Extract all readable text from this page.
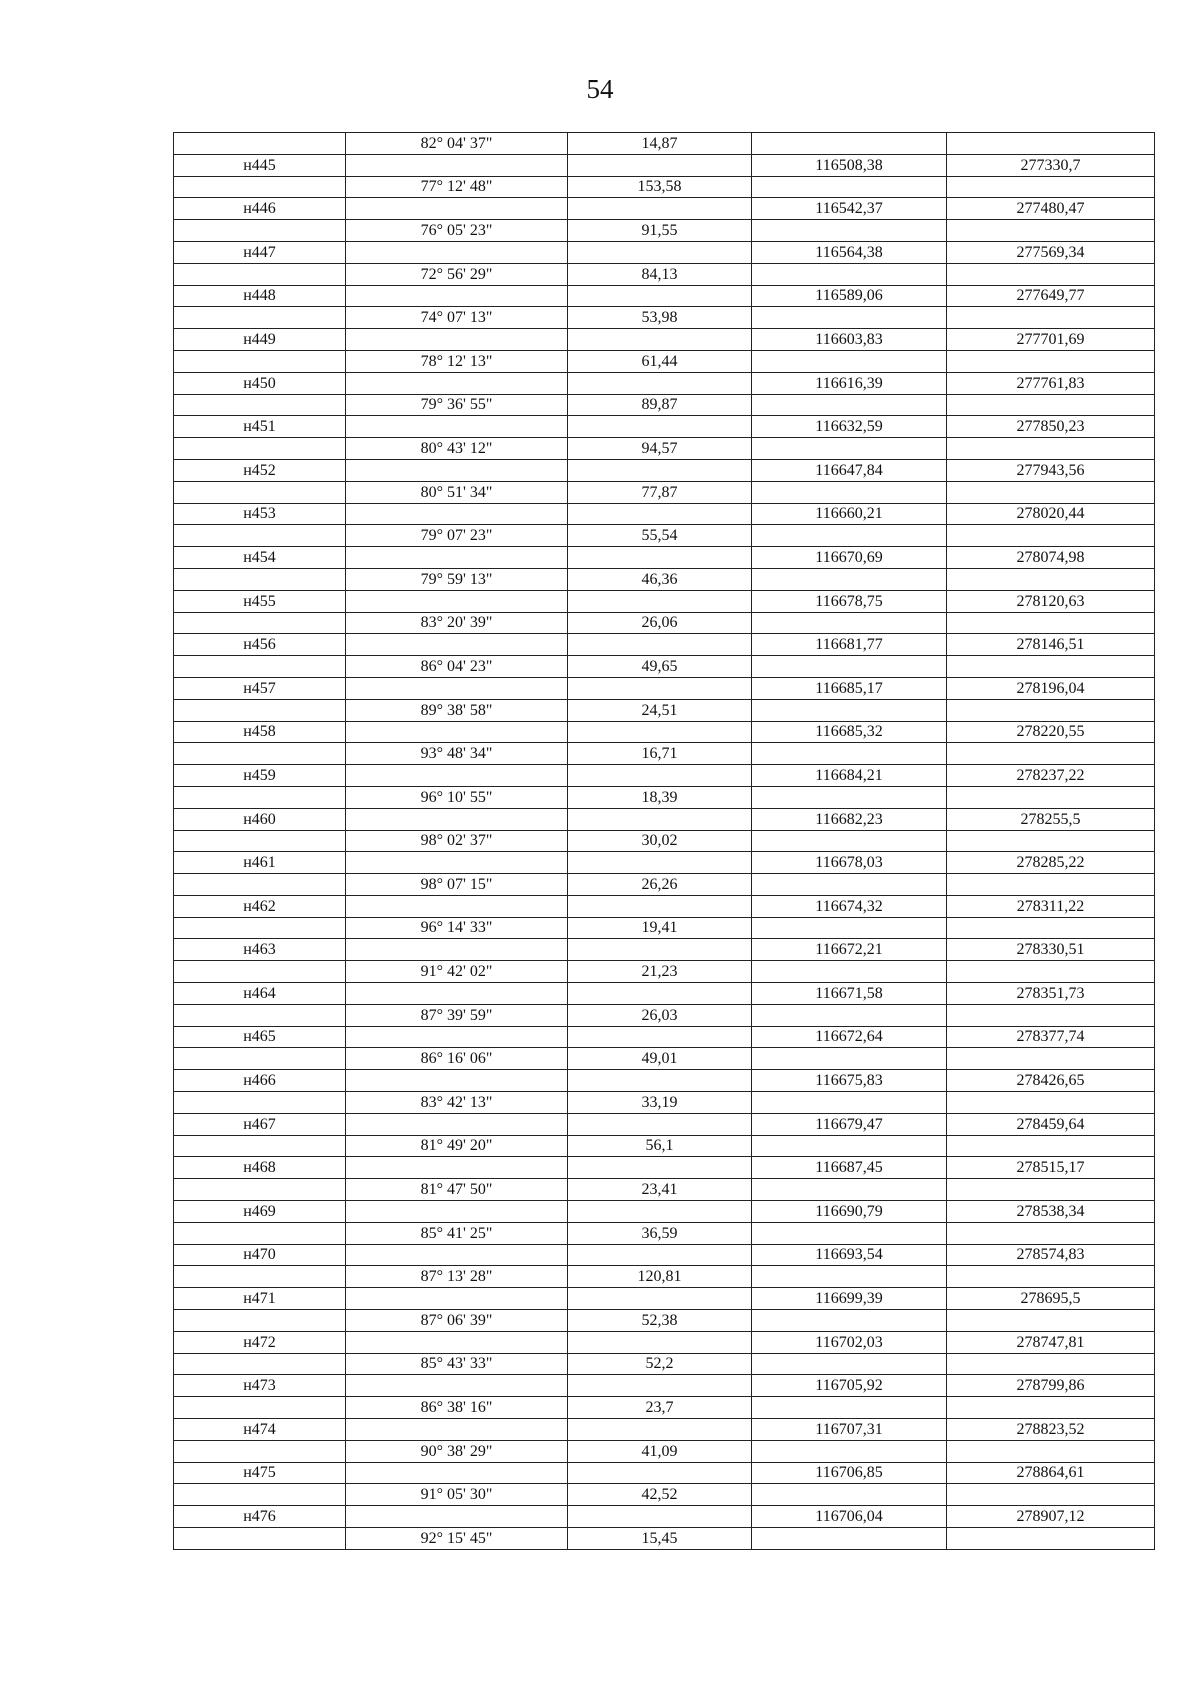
54
	82° 04' 37"	14,87		
н445			116508,38	277330,7
	77° 12' 48"	153,58		
н446			116542,37	277480,47
	76° 05' 23"	91,55		
н447			116564,38	277569,34
	72° 56' 29"	84,13		
н448			116589,06	277649,77
	74° 07' 13"	53,98		
н449			116603,83	277701,69
	78° 12' 13"	61,44		
н450			116616,39	277761,83
	79° 36' 55"	89,87		
н451			116632,59	277850,23
	80° 43' 12"	94,57		
н452			116647,84	277943,56
	80° 51' 34"	77,87		
н453			116660,21	278020,44
	79° 07' 23"	55,54		
н454			116670,69	278074,98
	79° 59' 13"	46,36		
н455			116678,75	278120,63
	83° 20' 39"	26,06		
н456			116681,77	278146,51
	86° 04' 23"	49,65		
н457			116685,17	278196,04
	89° 38' 58"	24,51		
н458			116685,32	278220,55
	93° 48' 34"	16,71		
н459			116684,21	278237,22
	96° 10' 55"	18,39		
н460			116682,23	278255,5
	98° 02' 37"	30,02		
н461			116678,03	278285,22
	98° 07' 15"	26,26		
н462			116674,32	278311,22
	96° 14' 33"	19,41		
н463			116672,21	278330,51
	91° 42' 02"	21,23		
н464			116671,58	278351,73
	87° 39' 59"	26,03		
н465			116672,64	278377,74
	86° 16' 06"	49,01		
н466			116675,83	278426,65
	83° 42' 13"	33,19		
н467			116679,47	278459,64
	81° 49' 20"	56,1		
н468			116687,45	278515,17
	81° 47' 50"	23,41		
н469			116690,79	278538,34
	85° 41' 25"	36,59		
н470			116693,54	278574,83
	87° 13' 28"	120,81		
н471			116699,39	278695,5
	87° 06' 39"	52,38		
н472			116702,03	278747,81
	85° 43' 33"	52,2		
н473			116705,92	278799,86
	86° 38' 16"	23,7		
н474			116707,31	278823,52
	90° 38' 29"	41,09		
н475			116706,85	278864,61
	91° 05' 30"	42,52		
н476			116706,04	278907,12
	92° 15' 45"	15,45		
